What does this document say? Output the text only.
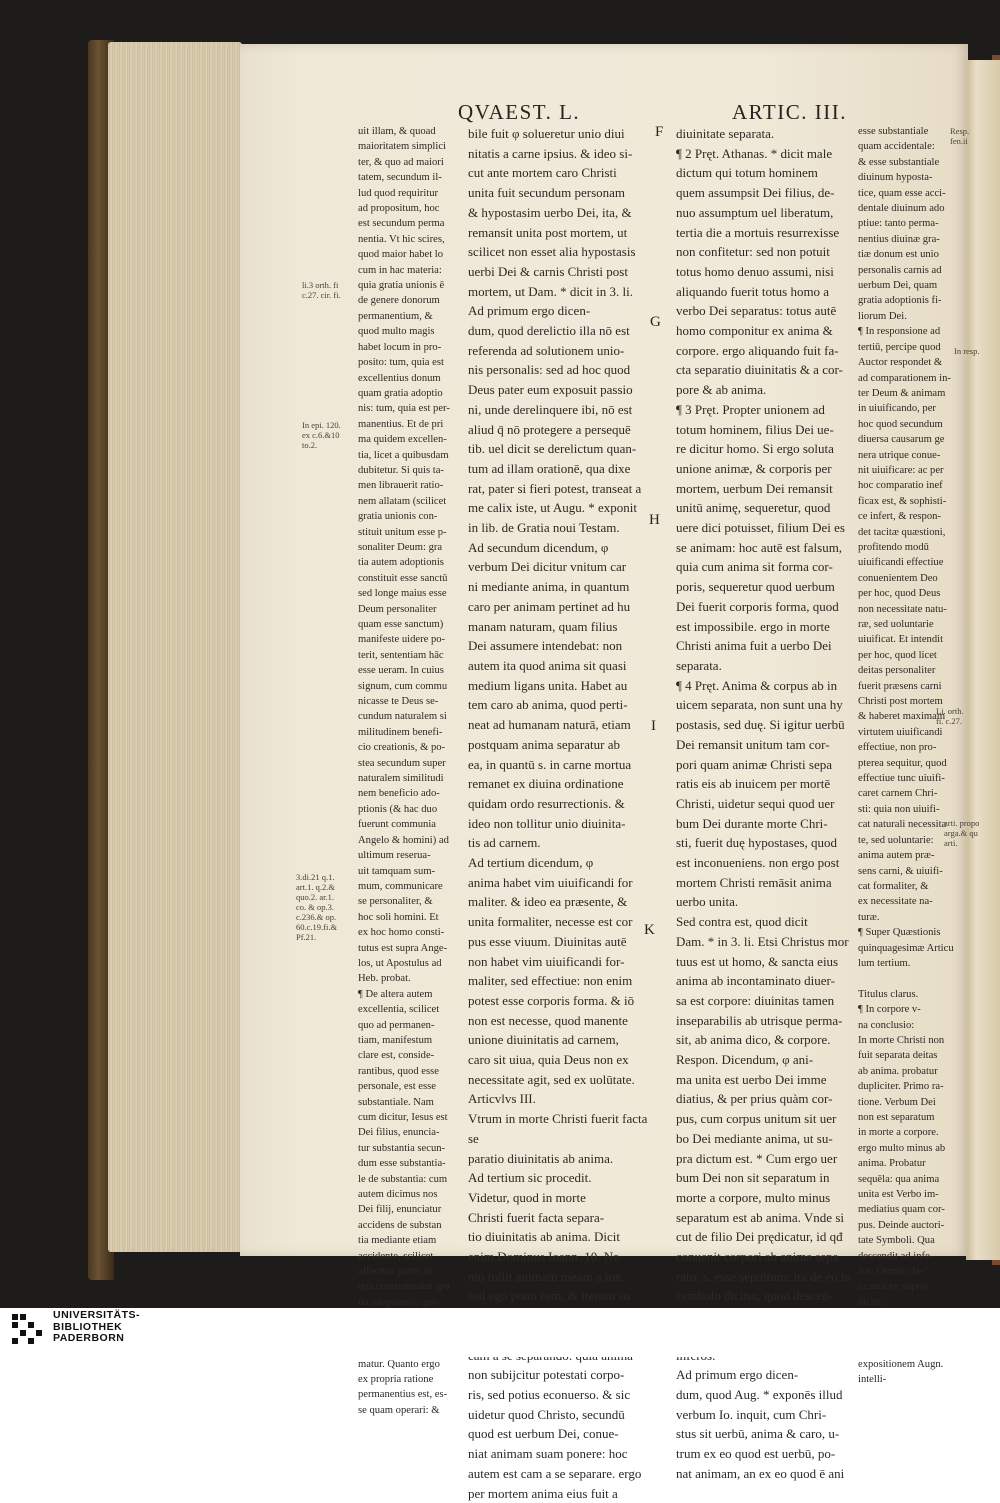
QVAEST. L.	ARTIC. III.
uit illam, & quoad
maioritatem simplici
ter, & quo ad maiori
tatem, secundum il-
lud quod requiritur
ad propositum, hoc
est secundum perma
nentia. Vt hic scires,
quod maior habet lo
cum in hac materia:
quia gratia unionis ē
de genere donorum
permanentium, &
quod multo magis
habet locum in pro-
posito: tum, quia est
excellentius donum
quam gratia adoptio
nis: tum, quia est per-
manentius. Et de pri
ma quidem excellen-
tia, licet a quibusdam
dubitetur. Si quis ta-
men librauerit ratio-
nem allatam (scilicet
gratia unionis con-
stituit unitum esse p-
sonaliter Deum: gra
tia autem adoptionis
constituit esse sanctū
sed longe maius esse
Deum personaliter
quam esse sanctum)
manifeste uidere po-
terit, sententiam hāc
esse ueram. In cuius
signum, cum commu
nicasse te Deus se-
cundum naturalem si
militudinem benefi-
cio creationis, & po-
stea secundum super
naturalem similitudi
nem beneficio ado-
ptionis (& hac duo
fuerunt communia
Angelo & homini) ad
ultimum reserua-
uit tamquam sum-
mum, communicare
se personaliter, &
hoc soli homini. Et
ex hoc homo consti-
tutus est supra Ange-
los, ut Apostulus ad
Heb. probat.
¶ De altera autem
excellentia, scilicet
quo ad permanen-
tiam, manifestum
clare est, conside-
rantibus, quod esse
personale, est esse
substantiale. Nam
cum dicitur, Iesus est
Dei filius, enuncia-
tur substantia secun-
dum esse substantia-
le de substantia: cum
autem dicimus nos
Dei filij, enunciatur
accidens de substan
tia mediante etiam
accidente, scilicet
affectiua parte, in
qua consummatur gra
tia adoptionis: quo-

matur. Quanto ergo
ex propria ratione
permanentius est, es-
se quam operari: &
bile fuit φ solueretur unio diui
nitatis a carne ipsius. & ideo si-
cut ante mortem caro Christi
unita fuit secundum personam
& hypostasim uerbo Dei, ita, &
remansit unita post mortem, ut
scilicet non esset alia hypostasis
uerbi Dei & carnis Christi post
mortem, ut Dam. * dicit in 3. li.
Ad primum ergo dicen-
dum, quod derelictio illa nō est
referenda ad solutionem unio-
nis personalis: sed ad hoc quod
Deus pater eum exposuit passio
ni, unde derelinquere ibi, nō est
aliud q̄ nō protegere a persequē
tib. uel dicit se derelictum quan-
tum ad illam orationē, qua dixe
rat, pater si fieri potest, transeat a
me calix iste, ut Augu. * exponit
in lib. de Gratia noui Testam.
Ad secundum dicendum, φ
verbum Dei dicitur vnitum car
ni mediante anima, in quantum
caro per animam pertinet ad hu
manam naturam, quam filius
Dei assumere intendebat: non
autem ita quod anima sit quasi
medium ligans unita. Habet au
tem caro ab anima, quod perti-
neat ad humanam naturā, etiam
postquam anima separatur ab
ea, in quantū s. in carne mortua
remanet ex diuina ordinatione
quidam ordo resurrectionis. &
ideo non tollitur unio diuinita-
tis ad carnem.
Ad tertium dicendum, φ
anima habet vim uiuificandi for
maliter. & ideo ea præsente, &
unita formaliter, necesse est cor
pus esse viuum. Diuinitas autē
non habet vim uiuificandi for-
maliter, sed effectiue: non enim
potest esse corporis forma. & iō
non est necesse, quod manente
unione diuinitatis ad carnem,
caro sit uiua, quia Deus non ex
necessitate agit, sed ex uolūtate.
Articvlvs III.
Vtrum in morte Christi fuerit facta se
paratio diuinitatis ab anima.
Ad tertium sic procedit.
Videtur, quod in morte
Christi fuerit facta separa-
tio diuinitatis ab anima. Dicit
enim Dominus Ioann. 10. Ne-
mo tollit animam meam a me,
sed ego pono eam, & iterum su

non subijcitur potestati corpo-
ris, sed potius econuerso. & sic
uidetur quod Christo, secundū
quod est uerbum Dei, conue-
niat animam suam ponere: hoc
autem est cam a se separare. ergo
per mortem anima eius fuit a
diuinitate separata.
¶ 2 Pręt. Athanas. * dicit male
dictum qui totum hominem
quem assumpsit Dei filius, de-
nuo assumptum uel liberatum,
tertia die a mortuis resurrexisse
non confitetur: sed non potuit
totus homo denuo assumi, nisi
aliquando fuerit totus homo a
verbo Dei separatus: totus autē
homo componitur ex anima &
corpore. ergo aliquando fuit fa-
cta separatio diuinitatis & a cor-
pore & ab anima.
¶ 3 Pręt. Propter unionem ad
totum hominem, filius Dei ue-
re dicitur homo. Si ergo soluta
unione animæ, & corporis per
mortem, uerbum Dei remansit
unitū animę, sequeretur, quod
uere dici potuisset, filium Dei es
se animam: hoc autē est falsum,
quia cum anima sit forma cor-
poris, sequeretur quod uerbum
Dei fuerit corporis forma, quod
est impossibile. ergo in morte
Christi anima fuit a uerbo Dei
separata.
¶ 4 Pręt. Anima & corpus ab in
uicem separata, non sunt una hy
postasis, sed duę. Si igitur uerbū
Dei remansit unitum tam cor-
pori quam animæ Christi sepa
ratis eis ab inuicem per mortē
Christi, uidetur sequi quod uer
bum Dei durante morte Chri-
sti, fuerit duę hypostases, quod
est inconueniens. non ergo post
mortem Christi remāsit anima
uerbo unita.
Sed contra est, quod dicit
Dam. * in 3. li. Etsi Christus mor
tuus est ut homo, & sancta eius
anima ab incontaminato diuer-
sa est corpore: diuinitas tamen
inseparabilis ab utrisque perma-
sit, ab anima dico, & corpore.
Respon. Dicendum, φ ani-
ma unita est uerbo Dei imme
diatius, & per prius quàm cor-
pus, cum corpus unitum sit uer
bo Dei mediante anima, ut su-
pra dictum est. * Cum ergo uer
bum Dei non sit separatum in
morte a corpore, multo minus
separatum est ab anima. Vnde si
cut de filio Dei prędicatur, id qđ
conuenit corpori ab anima sepa
rato, s. esse sepultum: ita de eo in
symbolo dicitur, quod descen-

Ad primum ergo dicen-
dum, quod Aug. * exponēs illud
verbum Io. inquit, cum Chri-
stus sit uerbū, anima & caro, u-
trum ex eo quod est uerbū, po-
nat animam, an ex eo quod ē ani
esse substantiale
quam accidentale:
& esse substantiale
diuinum hyposta-
tice, quam esse acci-
dentale diuinum ado
ptiue: tanto perma-
nentius diuinæ gra-
tiæ donum est unio
personalis carnis ad
uerbum Dei, quam
gratia adoptionis fi-
liorum Dei.
¶ In responsione ad
tertiū, percipe quod
Auctor respondet &
ad comparationem in-
ter Deum & animam
in uiuificando, per
hoc quod secundum
diuersa causarum ge
nera utrique conue-
nit uiuificare: ac per
hoc comparatio inef
ficax est, & sophisti-
ce infert, & respon-
det tacitæ quæstioni,
profitendo modū
uiuificandi effectiue
conuenientem Deo
per hoc, quod Deus
non necessitate natu-
ræ, sed uoluntarie
uiuificat. Et intendit
per hoc, quod licet
deitas personaliter
fuerit præsens carni
Christi post mortem
& haberet maximam
virtutem uiuificandi
effectiue, non pro-
pterea sequitur, quod
effectiue tunc uiuifi-
caret carnem Chri-
sti: quia non uiuifi-
cat naturali necessita
te, sed uoluntarie:
anima autem præ-
sens carni, & uiuifi-
cat formaliter, &
ex necessitate na-
turæ.
¶ Super Quæstionis
quinquagesimæ Articu
lum tertium.

Titulus clarus.
¶ In corpore v-
na conclusio:
In morte Christi non
fuit separata deitas
ab anima. probatur
dupliciter. Primo ra-
tione. Verbum Dei
non est separatum
in morte a corpore.
ergo multo minus ab
anima. Probatur
sequēla: qua anima
unita est Verbo im-
mediatius quam cor-
pus. Deinde auctori-
tate Symboli. Qua
descendit ad infe-
ros. Omnia cla-
ra sunt ex supra-
dictis.

expositionem Augn.
intelli-
li.3 orth. fi
c.27. cir. fi.
In epi. 120.
ex c.6.&10
to.2.
3.di.21 q.1.
art.1. q.2.&
quo.2. ar.1.
co. & op.3.
c.236.& op.
60.c.19.fi.&
Pf.21.
Li. orth.
fi. c.27.
Resp.
fen.ii
In resp.
arti. propo
arga.& qu
arti.
F
G
H
I
K
UNIVERSITÄTS-
BIBLIOTHEK
PADERBORN
